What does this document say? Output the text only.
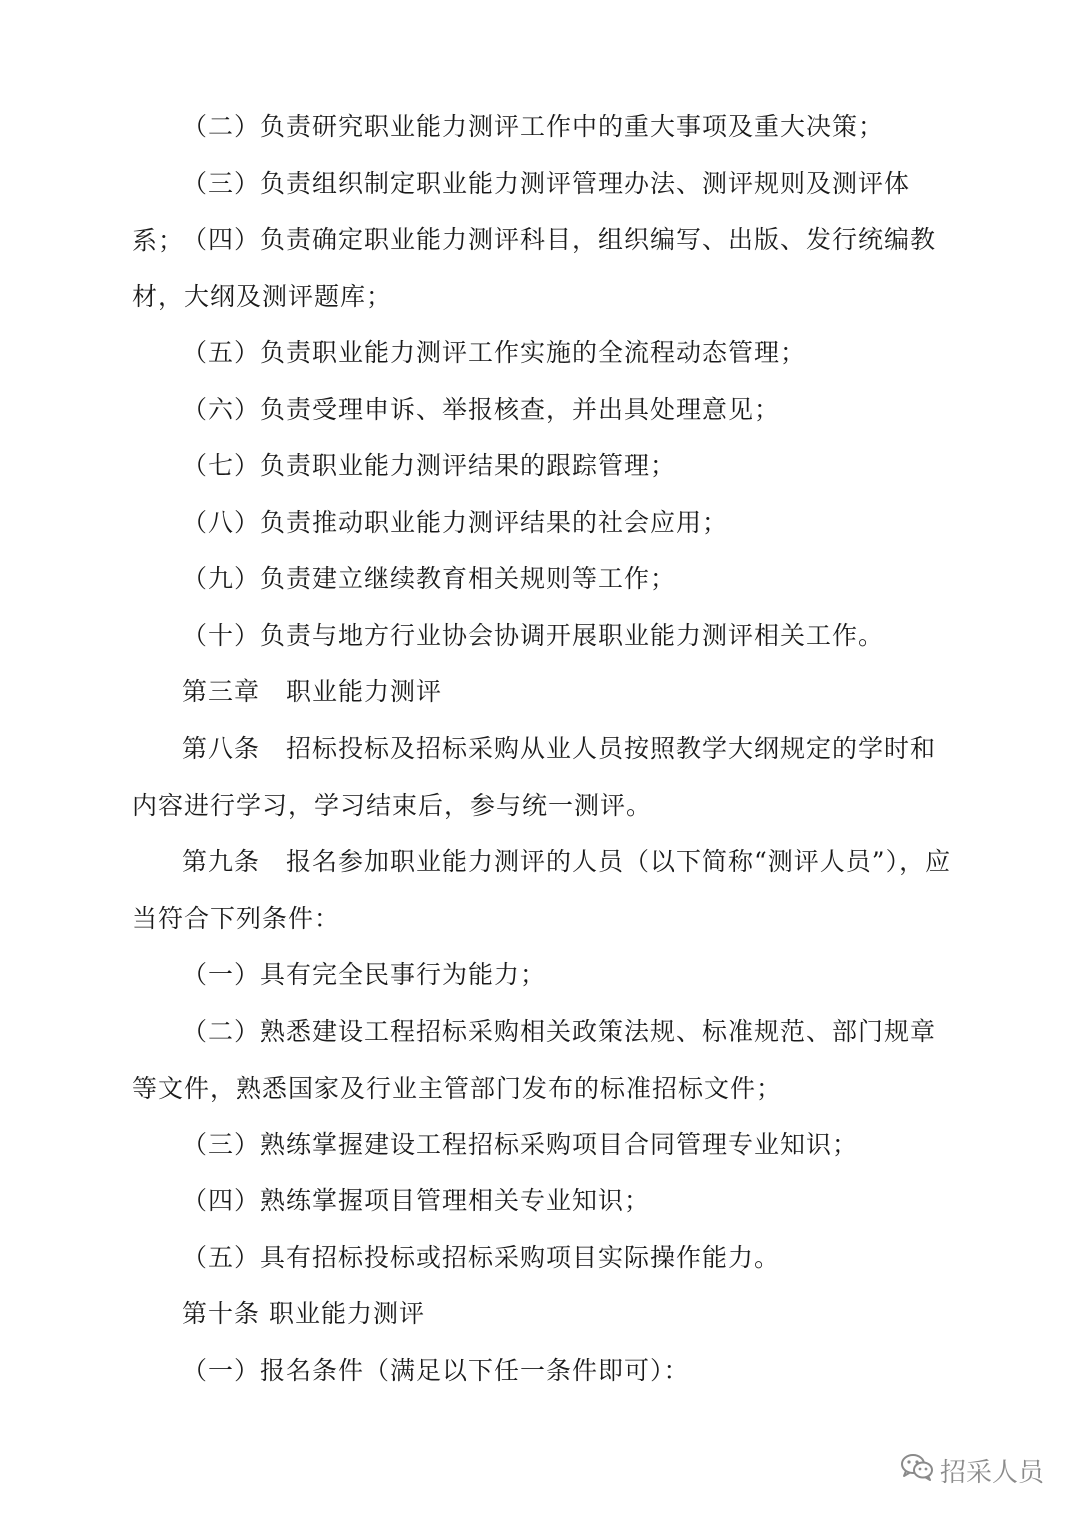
（二）负责研究职业能力测评工作中的重大事项及重大决策；

（三）负责组织制定职业能力测评管理办法、测评规则及测评体系；

（四）负责确定职业能力测评科目，组织编写、出版、发行统编教材，大纲及测评题库；

（五）负责职业能力测评工作实施的全流程动态管理；

（六）负责受理申诉、举报核查，并出具处理意见；

（七）负责职业能力测评结果的跟踪管理；

（八）负责推动职业能力测评结果的社会应用；

（九）负责建立继续教育相关规则等工作；

（十）负责与地方行业协会协调开展职业能力测评相关工作。

第三章　职业能力测评

第八条　招标投标及招标采购从业人员按照教学大纲规定的学时和内容进行学习，学习结束后，参与统一测评。

第九条　报名参加职业能力测评的人员（以下简称“测评人员”），应当符合下列条件：

（一）具有完全民事行为能力；

（二）熟悉建设工程招标采购相关政策法规、标准规范、部门规章等文件，熟悉国家及行业主管部门发布的标准招标文件；

（三）熟练掌握建设工程招标采购项目合同管理专业知识；

（四）熟练掌握项目管理相关专业知识；

（五）具有招标投标或招标采购项目实际操作能力。

第十条 职业能力测评

（一）报名条件（满足以下任一条件即可）：

招采人员
